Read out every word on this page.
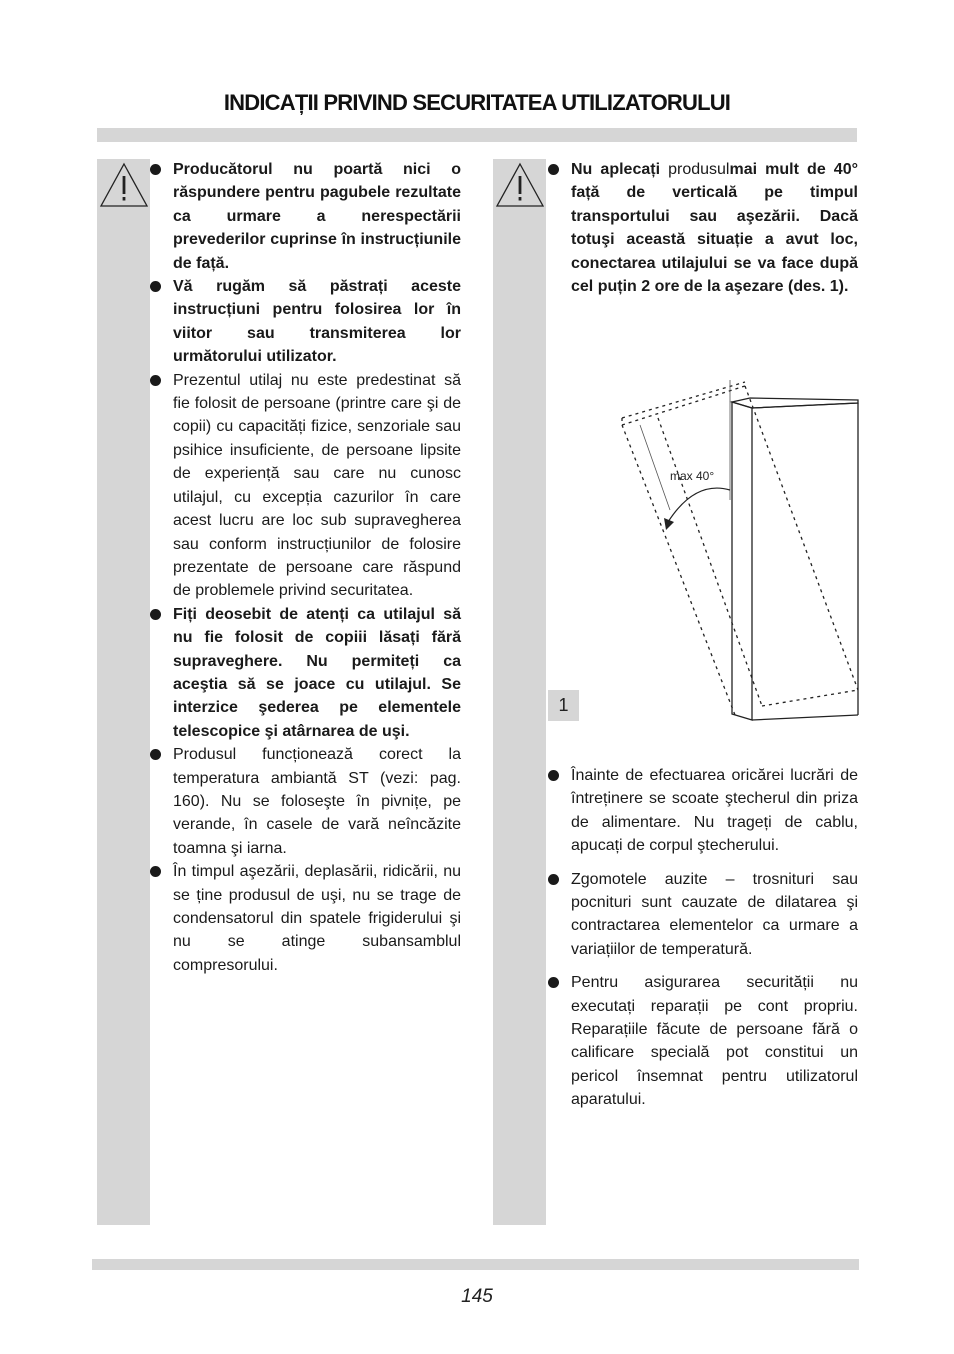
INDICAȚII PRIVIND SECURITATEA UTILIZATORULUI

Producătorul nu poartă nici o răspundere pentru pagubele rezultate ca urmare a nerespectării prevederilor cuprinse în instrucțiunile de față.

Vă rugăm să păstrați aceste instrucțiuni pentru folosirea lor în viitor sau transmiterea lor următorului utilizator.

Prezentul utilaj nu este predestinat să fie folosit de persoane (printre care şi de copii) cu capacități fizice, senzoriale sau psihice insuficiente, de persoane lipsite de experiență sau care nu cunosc utilajul, cu excepția cazurilor în care acest lucru are loc sub supravegherea sau conform instrucțiunilor de folosire prezentate de persoane care răspund de problemele privind securitatea.

Fiți deosebit de atenți ca utilajul să nu fie folosit de copiii lăsați fără supraveghere. Nu permiteți ca aceştia să se joace cu utilajul. Se interzice şederea pe elementele telescopice şi atârnarea de uşi.

Produsul funcționează corect la temperatura ambiantă ST (vezi: pag. 160). Nu se foloseşte în pivnițe, pe verande, în casele de vară neîncăzite toamna şi iarna.

În timpul aşezării, deplasării, ridicării, nu se ține produsul de uşi, nu se trage de condensatorul din spatele frigiderului şi nu se atinge subansamblul compresorului.

Nu aplecați produsulmai mult de 40° față de verticală pe timpul transportului sau aşezării. Dacă totuşi această situație a avut loc, conectarea utilajului se va face după cel puțin 2 ore de la aşezare (des. 1).

max 40°
1

Înainte de efectuarea oricărei lucrări de întreținere se scoate ştecherul din priza de alimentare. Nu trageți de cablu, apucați de corpul ştecherului.

Zgomotele auzite – trosnituri sau pocnituri sunt cauzate de dilatarea şi contractarea elementelor ca urmare a variațiilor de temperatură.

Pentru asigurarea securității nu executați reparații pe cont propriu. Reparațiile făcute de persoane fără o calificare specială pot constitui un pericol însemnat pentru utilizatorul aparatului.

145
